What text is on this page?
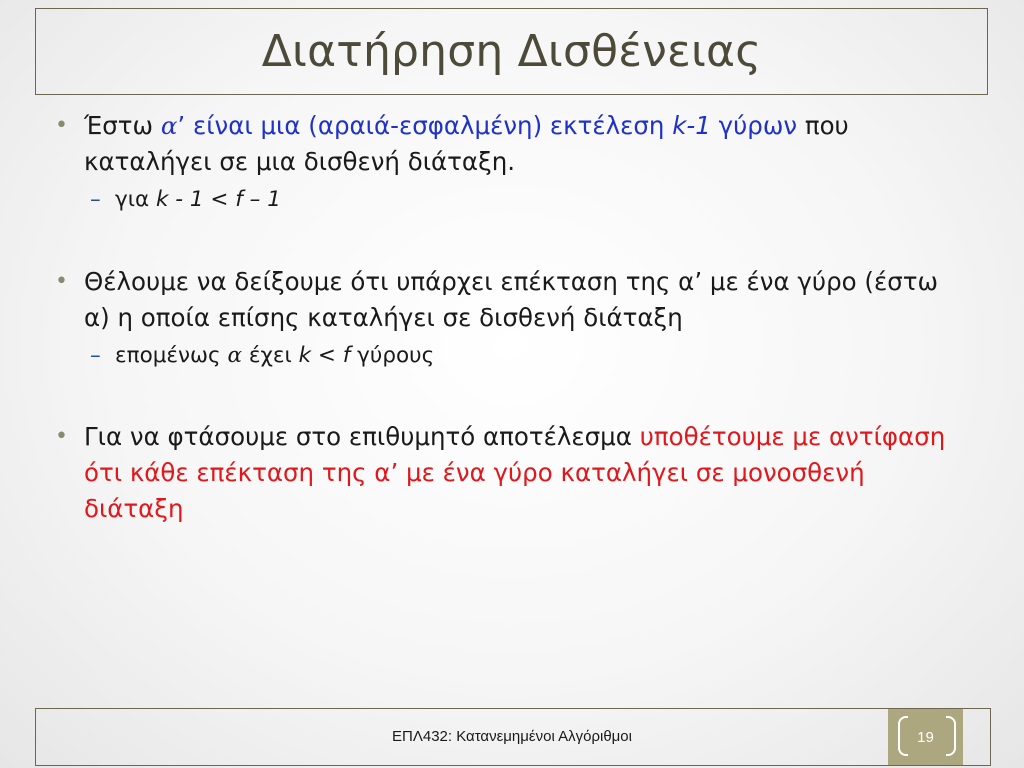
Διατήρηση Δισθένειας
• Έστω α’ είναι μια (αραιά-εσφαλμένη) εκτέλεση k-1 γύρων που καταλήγει σε μια δισθενή διάταξη.
– για k - 1 < f – 1
• Θέλουμε να δείξουμε ότι υπάρχει επέκταση της α’ με ένα γύρο (έστω α) η οποία επίσης καταλήγει σε δισθενή διάταξη
– επομένως α έχει k < f γύρους
• Για να φτάσουμε στο επιθυμητό αποτέλεσμα υποθέτουμε με αντίφαση ότι κάθε επέκταση της α’ με ένα γύρο καταλήγει σε μονοσθενή διάταξη
ΕΠΛ432: Κατανεμημένοι Αλγόριθμοι	19
